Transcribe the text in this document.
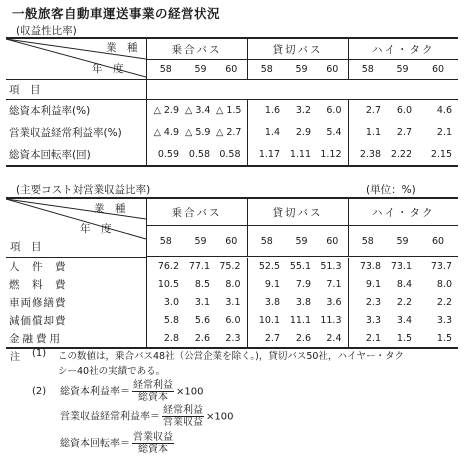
一般旅客自動車運送事業の経営状況
(収益性比率)
業　種
年　度	乗合バス			貸切バス			ハイ・タク		
	58	59	60	58	59	60	58	59	60
項　目									
総資本利益率(%)	△ 2.9	△ 3.4	△ 1.5	1.6	3.2	6.0	2.7	6.0	4.6
営業収益経常利益率(%)	△ 4.9	△ 5.9	△ 2.7	1.4	2.9	5.4	1.1	2.7	2.1
総資本回転率(回)	0.59	0.58	0.58	1.17	1.11	1.12	2.38	2.22	2.15
(主要コスト対営業収益比率)	(単位：%)
業　種
年　度
項　目	乗合バス			貸切バス			ハイ・タク		
	58	59	60	58	59	60	58	59	60

人　件　費	76.2	77.1	75.2	52.5	55.1	51.3	73.8	73.1	73.7
燃　料　費	10.5	8.5	8.0	9.1	7.9	7.1	9.1	8.4	8.0
車両修繕費	3.0	3.1	3.1	3.8	3.8	3.6	2.3	2.2	2.2
減価償却費	5.8	5.6	6.0	10.1	11.1	11.3	3.3	3.4	3.3
金融費用	2.8	2.6	2.3	2.7	2.6	2.4	2.1	1.5	1.5
注 (1) この数値は，乗合バス48社（公営企業を除く。)，貸切バス50社，ハイヤー・タク
シー40社の実績である。
(2) 総資本利益率＝ $\frac{\text{経常利益}}{\text{総資本}} \times 100$
営業収益経常利益率＝ $\frac{\text{経常利益}}{\text{営業収益}} \times 100$
総資本回転率＝ $\frac{\text{営業収益}}{\text{総資本}}$
